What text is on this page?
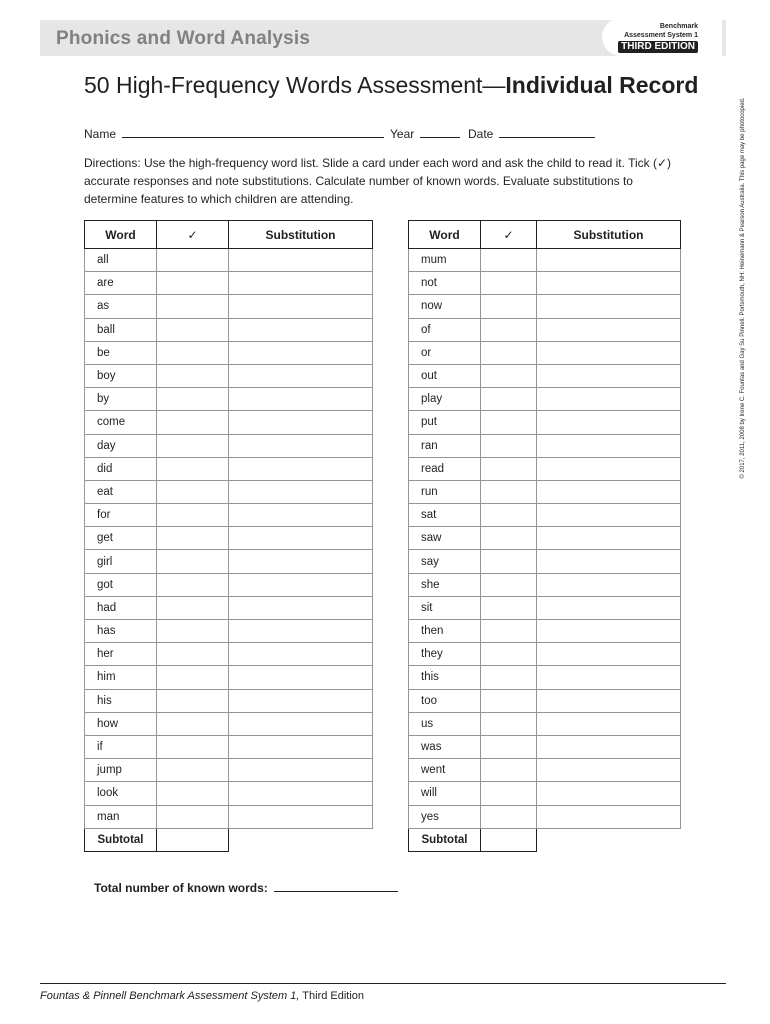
Phonics and Word Analysis
Benchmark
Assessment System 1
THIRD EDITION
50 High-Frequency Words Assessment—Individual Record
Name	Year	Date
Directions: Use the high-frequency word list. Slide a card under each word and ask the child to read it. Tick (✓) accurate responses and note substitutions. Calculate number of known words. Evaluate substitutions to determine features to which children are attending.	© 2017, 2011, 2008 by Irene C. Fountas and Gay Su Pinnell. Portsmouth, NH: Heinemann & Pearson Australia. This page may be photocopied.
Word	✓	Substitution
all		
are		
as		
ball		
be		
boy		
by		
come		
day		
did		
eat		
for		
get		
girl		
got		
had		
has		
her		
him		
his		
how		
if		
jump		
look		
man		
Subtotal		
Word	✓	Substitution
mum		
not		
now		
of		
or		
out		
play		
put		
ran		
read		
run		
sat		
saw		
say		
she		
sit		
then		
they		
this		
too		
us		
was		
went		
will		
yes		
Subtotal		
Total number of known words:
Fountas & Pinnell Benchmark Assessment System 1, Third Edition
